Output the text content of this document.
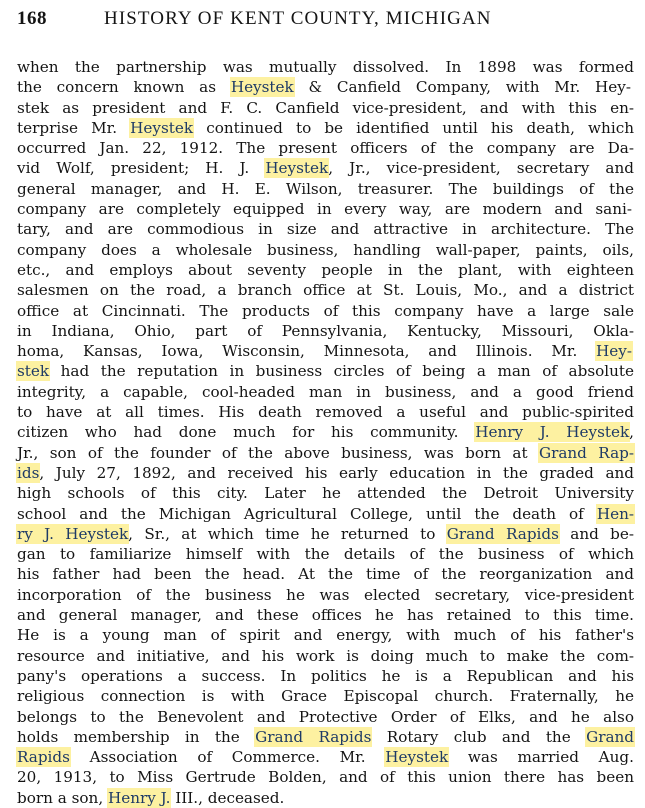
168	HISTORY OF KENT COUNTY, MICHIGAN
when the partnership was mutually dissolved. In 1898 was formed
the concern known as Heystek & Canfield Company, with Mr. Hey-
stek as president and F. C. Canfield vice-president, and with this en-
terprise Mr. Heystek continued to be identified until his death, which
occurred Jan. 22, 1912. The present officers of the company are Da-
vid Wolf, president; H. J. Heystek, Jr., vice-president, secretary and
general manager, and H. E. Wilson, treasurer. The buildings of the
company are completely equipped in every way, are modern and sani-
tary, and are commodious in size and attractive in architecture. The
company does a wholesale business, handling wall-paper, paints, oils,
etc., and employs about seventy people in the plant, with eighteen
salesmen on the road, a branch office at St. Louis, Mo., and a district
office at Cincinnati. The products of this company have a large sale
in Indiana, Ohio, part of Pennsylvania, Kentucky, Missouri, Okla-
homa, Kansas, Iowa, Wisconsin, Minnesota, and Illinois. Mr. Hey-
stek had the reputation in business circles of being a man of absolute
integrity, a capable, cool-headed man in business, and a good friend
to have at all times. His death removed a useful and public-spirited
citizen who had done much for his community. Henry J. Heystek,
Jr., son of the founder of the above business, was born at Grand Rap-
ids, July 27, 1892, and received his early education in the graded and
high schools of this city. Later he attended the Detroit University
school and the Michigan Agricultural College, until the death of Hen-
ry J. Heystek, Sr., at which time he returned to Grand Rapids and be-
gan to familiarize himself with the details of the business of which
his father had been the head. At the time of the reorganization and
incorporation of the business he was elected secretary, vice-president
and general manager, and these offices he has retained to this time.
He is a young man of spirit and energy, with much of his father's
resource and initiative, and his work is doing much to make the com-
pany's operations a success. In politics he is a Republican and his
religious connection is with Grace Episcopal church. Fraternally, he
belongs to the Benevolent and Protective Order of Elks, and he also
holds membership in the Grand Rapids Rotary club and the Grand
Rapids Association of Commerce. Mr. Heystek was married Aug.
20, 1913, to Miss Gertrude Bolden, and of this union there has been
born a son, Henry J. III., deceased.
